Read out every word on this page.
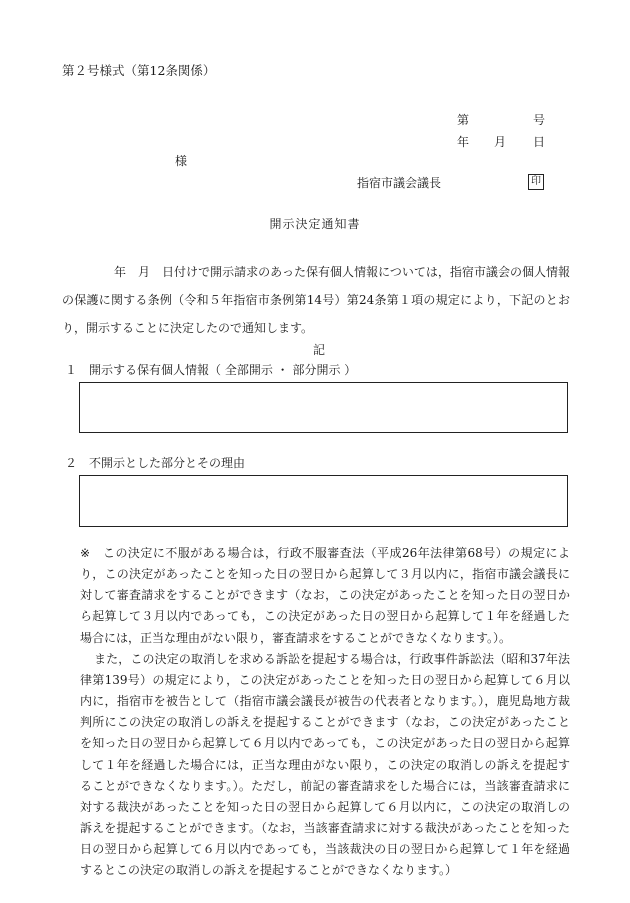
第２号様式（第12条関係）
第	号
年 月 日
様
指宿市議会議長	印
開示決定通知書
年　月　日付けで開示請求のあった保有個人情報については，指宿市議会の個人情報の保護に関する条例（令和５年指宿市条例第14号）第24条第１項の規定により，下記のとおり，開示することに決定したので通知します。
記
１　開示する保有個人情報（ 全部開示 ・ 部分開示 ）
２　不開示とした部分とその理由
※	この決定に不服がある場合は，行政不服審査法（平成26年法律第68号）の規定により，この決定があったことを知った日の翌日から起算して３月以内に，指宿市議会議長に対して審査請求をすることができます（なお，この決定があったことを知った日の翌日から起算して３月以内であっても，この決定があった日の翌日から起算して１年を経過した場合には，正当な理由がない限り，審査請求をすることができなくなります。）。

また，この決定の取消しを求める訴訟を提起する場合は，行政事件訴訟法（昭和37年法律第139号）の規定により，この決定があったことを知った日の翌日から起算して６月以内に，指宿市を被告として（指宿市議会議長が被告の代表者となります。），鹿児島地方裁判所にこの決定の取消しの訴えを提起することができます（なお，この決定があったことを知った日の翌日から起算して６月以内であっても，この決定があった日の翌日から起算して１年を経過した場合には，正当な理由がない限り，この決定の取消しの訴えを提起することができなくなります。）。ただし，前記の審査請求をした場合には，当該審査請求に対する裁決があったことを知った日の翌日から起算して６月以内に，この決定の取消しの訴えを提起することができます。（なお，当該審査請求に対する裁決があったことを知った日の翌日から起算して６月以内であっても，当該裁決の日の翌日から起算して１年を経過するとこの決定の取消しの訴えを提起することができなくなります。）
